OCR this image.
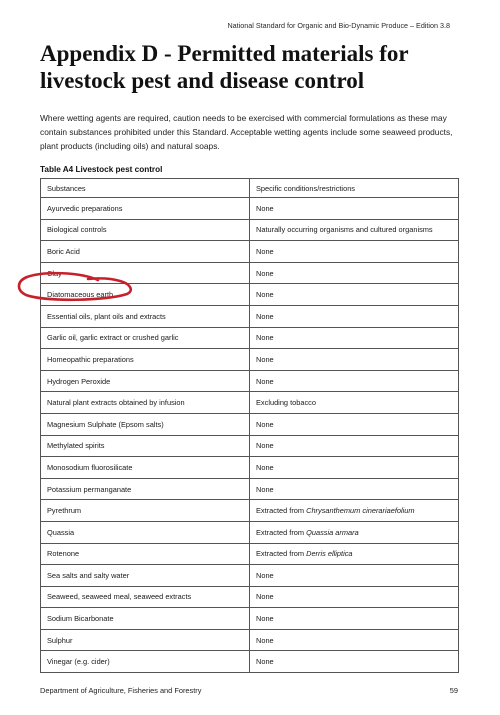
National Standard for Organic and Bio-Dynamic Produce – Edition 3.8
Appendix D - Permitted materials for livestock pest and disease control

Where wetting agents are required, caution needs to be exercised with commercial formulations as these may contain substances prohibited under this Standard. Acceptable wetting agents include some seaweed products, plant products (including oils) and natural soaps.

Table A4 Livestock pest control

Substances	Specific conditions/restrictions
Ayurvedic preparations	None
Biological controls	Naturally occurring organisms and cultured organisms
Boric Acid	None
Clay	None
Diatomaceous earth	None
Essential oils, plant oils and extracts	None
Garlic oil, garlic extract or crushed garlic	None
Homeopathic preparations	None
Hydrogen Peroxide	None
Natural plant extracts obtained by infusion	Excluding tobacco
Magnesium Sulphate (Epsom salts)	None
Methylated spirits	None
Monosodium fluorosilicate	None
Potassium permanganate	None
Pyrethrum	Extracted from Chrysanthemum cinerariaefolium
Quassia	Extracted from Quassia armara
Rotenone	Extracted from Derris elliptica
Sea salts and salty water	None
Seaweed, seaweed meal, seaweed extracts	None
Sodium Bicarbonate	None
Sulphur	None
Vinegar (e.g. cider)	None
Department of Agriculture, Fisheries and Forestry	59
